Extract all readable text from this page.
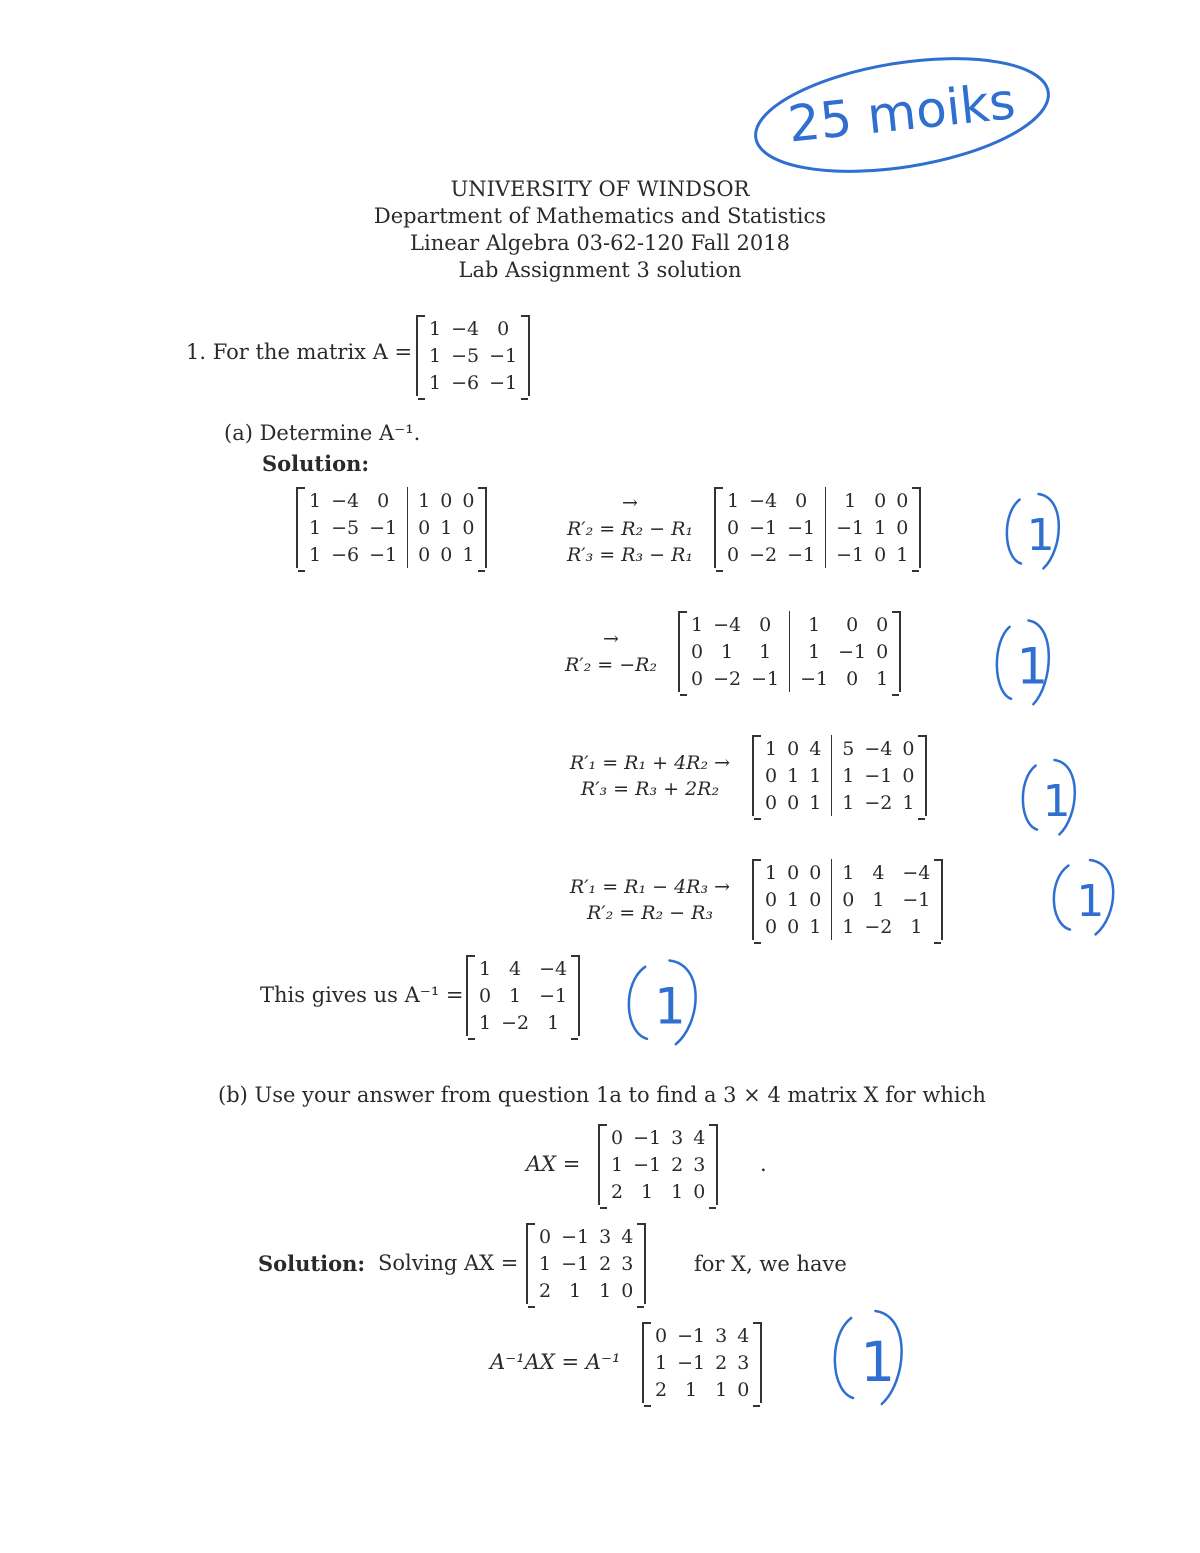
25 moiks
UNIVERSITY OF WINDSOR
Department of Mathematics and Statistics
Linear Algebra 03-62-120 Fall 2018
Lab Assignment 3 solution
1. For the matrix A =
1	−4	0
1	−5	−1
1	−6	−1
(a) Determine A⁻¹.
Solution:
1	−4	0	1	0	0
1	−5	−1	0	1	0
1	−6	−1	0	0	1
→
R′₂ = R₂ − R₁
R′₃ = R₃ − R₁
1	−4	0	1	0	0
0	−1	−1	−1	1	0
0	−2	−1	−1	0	1
→
R′₂ = −R₂
1	−4	0	1	0	0
0	1	1	1	−1	0
0	−2	−1	−1	0	1
R′₁ = R₁ + 4R₂ →
R′₃ = R₃ + 2R₂
1	0	4	5	−4	0
0	1	1	1	−1	0
0	0	1	1	−2	1
R′₁ = R₁ − 4R₃ →
R′₂ = R₂ − R₃
1	0	0	1	4	−4
0	1	0	0	1	−1
0	0	1	1	−2	1
This gives us A⁻¹ =
1	4	−4
0	1	−1
1	−2	1
(b) Use your answer from question 1a to find a 3 × 4 matrix X for which
AX =
0	−1	3	4
1	−1	2	3
2	1	1	0
.
Solution: Solving AX =
0	−1	3	4
1	−1	2	3
2	1	1	0
for X, we have
A⁻¹AX = A⁻¹
0	−1	3	4
1	−1	2	3
2	1	1	0
1
1
1
1
1
1
